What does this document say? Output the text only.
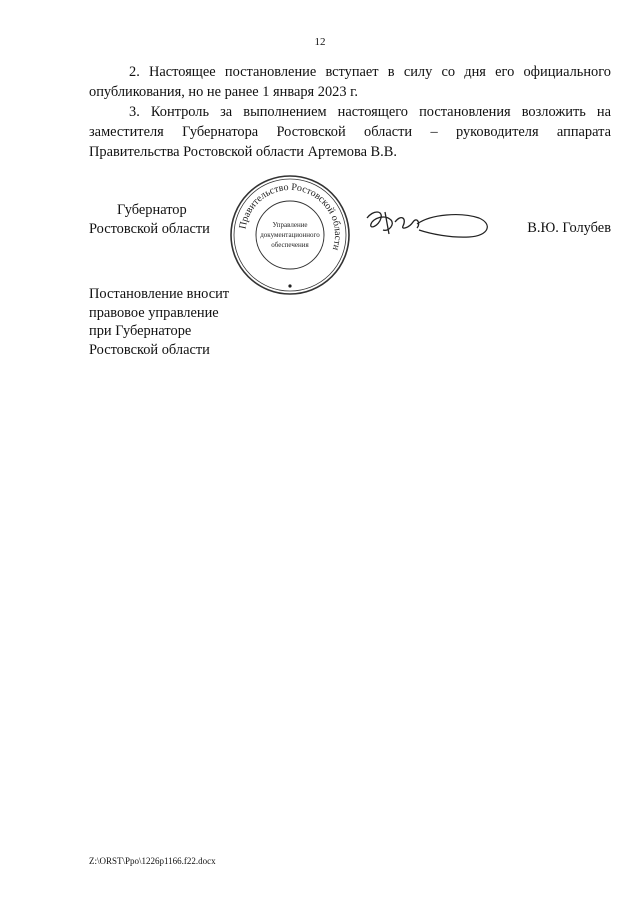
12
2. Настоящее постановление вступает в силу со дня его официального опубликования, но не ранее 1 января 2023 г.
3. Контроль за выполнением настоящего постановления возложить на заместителя Губернатора Ростовской области – руководителя аппарата Правительства Ростовской области Артемова В.В.
Губернатор
Ростовской области	Правительство Ростовской области
Управление документационного обеспечения
В.Ю. Голубев
Постановление вносит
правовое управление
при Губернаторе
Ростовской области
Z:\ORST\Ppo\1226p1166.f22.docx
